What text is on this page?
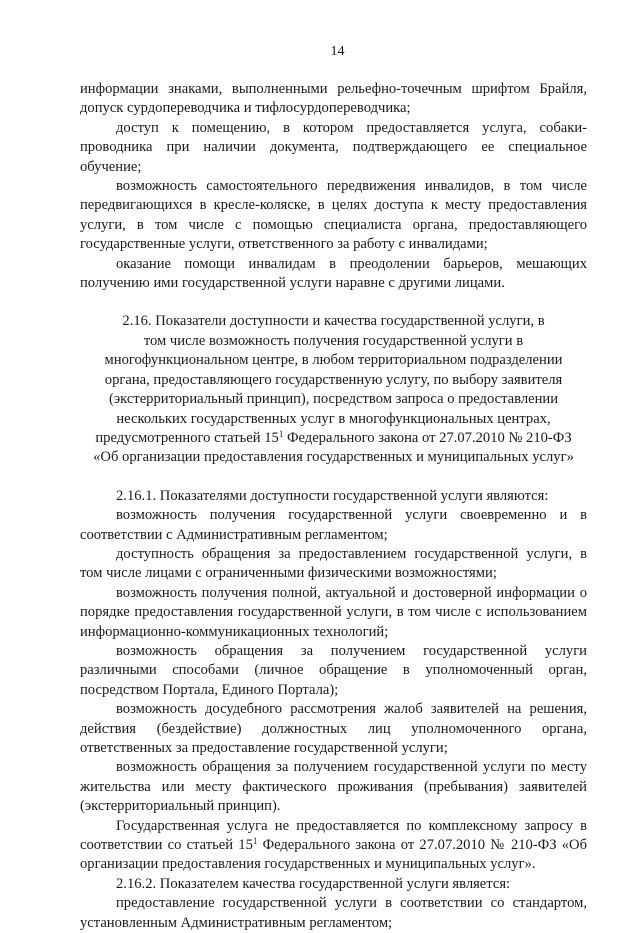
14

информации знаками, выполненными рельефно-точечным шрифтом Брайля, допуск сурдопереводчика и тифлосурдопереводчика;

доступ к помещению, в котором предоставляется услуга, собаки-проводника при наличии документа, подтверждающего ее специальное обучение;

возможность самостоятельного передвижения инвалидов, в том числе передвигающихся в кресле-коляске, в целях доступа к месту предоставления услуги, в том числе с помощью специалиста органа, предоставляющего государственные услуги, ответственного за работу с инвалидами;

оказание помощи инвалидам в преодолении барьеров, мешающих получению ими государственной услуги наравне с другими лицами.

2.16. Показатели доступности и качества государственной услуги, в
том числе возможность получения государственной услуги в
многофункциональном центре, в любом территориальном подразделении
органа, предоставляющего государственную услугу, по выбору заявителя
(экстерриториальный принцип), посредством запроса о предоставлении
нескольких государственных услуг в многофункциональных центрах,
предусмотренного статьей $15^1$ Федерального закона от 27.07.2010 № 210-ФЗ
«Об организации предоставления государственных и муниципальных услуг»

2.16.1. Показателями доступности государственной услуги являются:

возможность получения государственной услуги своевременно и в соответствии с Административным регламентом;

доступность обращения за предоставлением государственной услуги, в том числе лицами с ограниченными физическими возможностями;

возможность получения полной, актуальной и достоверной информации о порядке предоставления государственной услуги, в том числе с использованием информационно-коммуникационных технологий;

возможность обращения за получением государственной услуги различными способами (личное обращение в уполномоченный орган, посредством Портала, Единого Портала);

возможность досудебного рассмотрения жалоб заявителей на решения, действия (бездействие) должностных лиц уполномоченного органа, ответственных за предоставление государственной услуги;

возможность обращения за получением государственной услуги по месту жительства или месту фактического проживания (пребывания) заявителей (экстерриториальный принцип).

Государственная услуга не предоставляется по комплексному запросу в соответствии со статьей $15^1$ Федерального закона от 27.07.2010 № 210-ФЗ «Об организации предоставления государственных и муниципальных услуг».

2.16.2. Показателем качества государственной услуги является:

предоставление государственной услуги в соответствии со стандартом, установленным Административным регламентом;
